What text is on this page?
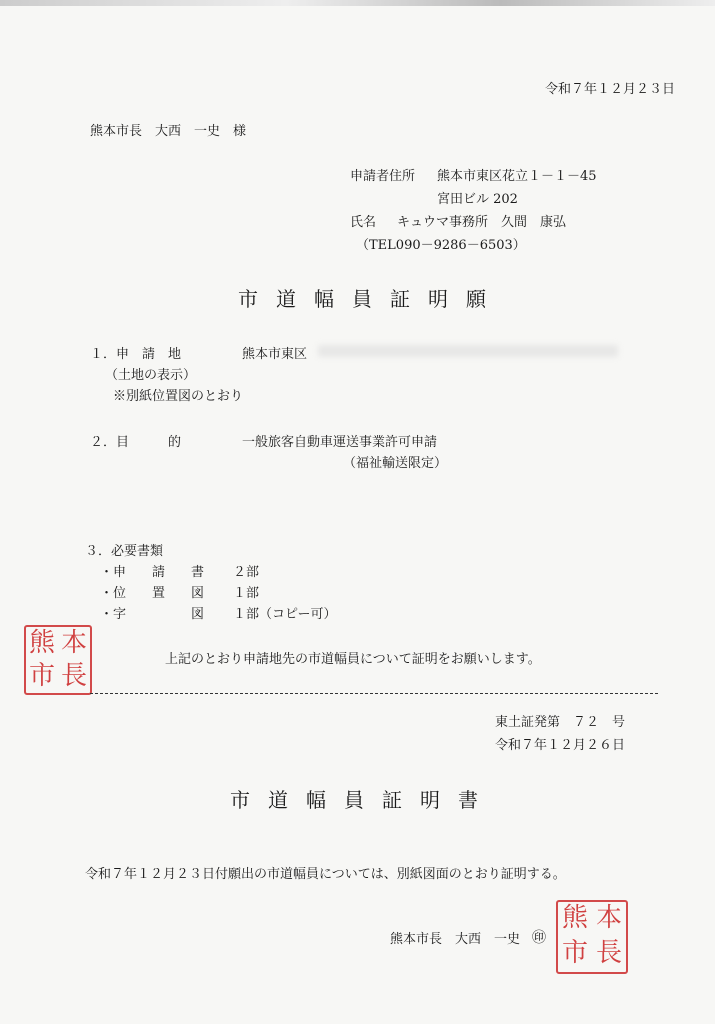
令和７年１２月２３日
熊本市長　大西　一史　様
申請者住所 熊本市東区花立１－１－45
宮田ビル 202
氏名 キュウマ事務所　久間　康弘
（TEL090－9286－6503）
市道幅員証明願
１．申　請　地	熊本市東区
（土地の表示）
※別紙位置図のとおり
２．目　　　的	一般旅客自動車運送事業許可申請
（福祉輸送限定）
３．必要書類
・申　　請　　書 ２部
・位　　置　　図 １部
・字　　　　　図 １部（コピー可）
熊 本
市 長
上記のとおり申請地先の市道幅員について証明をお願いします。
東土証発第　７２　号
令和７年１２月２６日
市道幅員証明書
令和７年１２月２３日付願出の市道幅員については、別紙図面のとおり証明する。
熊本市長　大西　一史 ㊞
熊 本
市 長
